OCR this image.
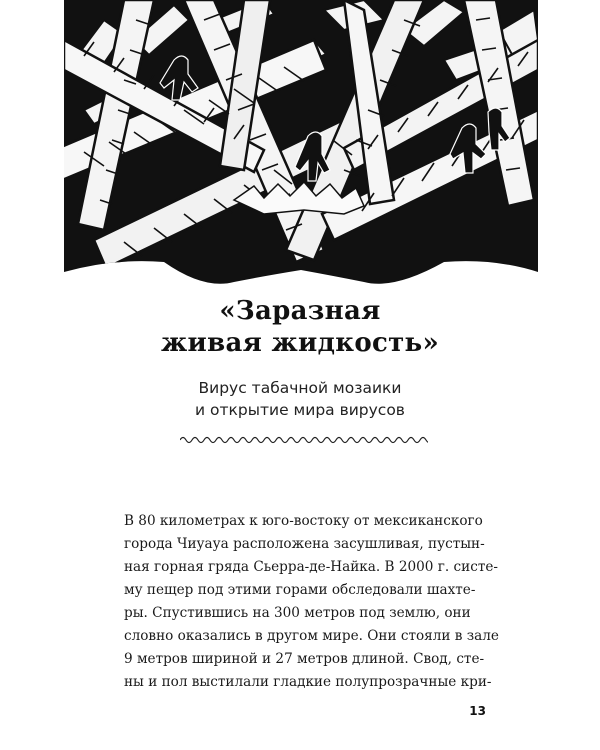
«Заразная
живая жидкость»
Вирус табачной мозаики
и открытие мира вирусов
В 80 километрах к юго-востоку от мексиканского
города Чиуауа расположена засушливая, пустын-
ная горная гряда Сьерра-де-Найка. В 2000 г. систе-
му пещер под этими горами обследовали шахте-
ры. Спустившись на 300 метров под землю, они
словно оказались в другом мире. Они стояли в зале
9 метров шириной и 27 метров длиной. Свод, сте-
ны и пол выстилали гладкие полупрозрачные кри-
13
